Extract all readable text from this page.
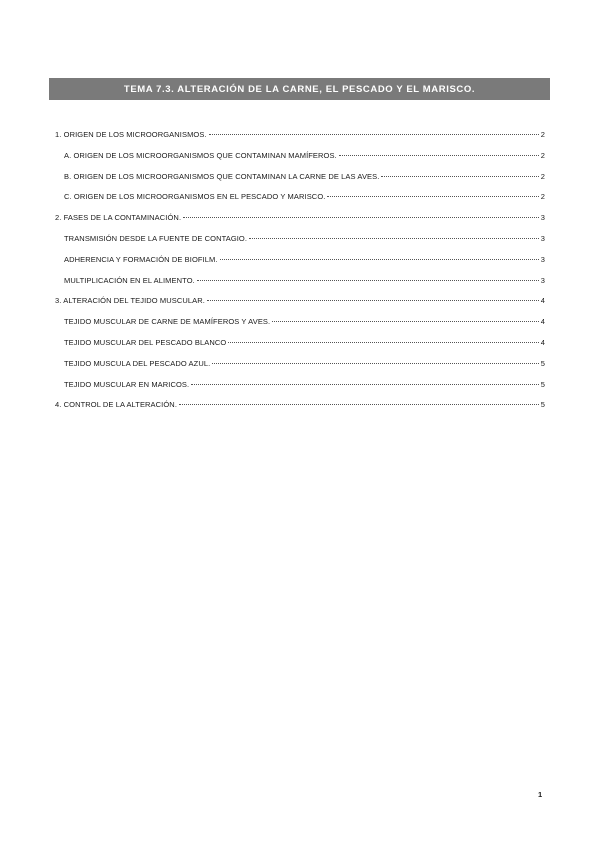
TEMA 7.3. ALTERACIÓN DE LA CARNE, EL PESCADO Y EL MARISCO.
1. ORIGEN DE LOS MICROORGANISMOS.	2
A. ORIGEN DE LOS MICROORGANISMOS QUE CONTAMINAN MAMÍFEROS.	2
B. ORIGEN DE LOS MICROORGANISMOS QUE CONTAMINAN LA CARNE DE LAS AVES.	2
C. ORIGEN DE LOS MICROORGANISMOS EN EL PESCADO Y MARISCO.	2
2. FASES DE LA CONTAMINACIÓN.	3
TRANSMISIÓN DESDE LA FUENTE DE CONTAGIO.	3
ADHERENCIA Y FORMACIÓN DE BIOFILM.	3
MULTIPLICACIÓN EN EL ALIMENTO.	3
3. ALTERACIÓN DEL TEJIDO MUSCULAR.	4
TEJIDO MUSCULAR DE CARNE DE MAMÍFEROS Y AVES.	4
TEJIDO MUSCULAR DEL PESCADO BLANCO	4
TEJIDO MUSCULA DEL PESCADO AZUL.	5
TEJIDO MUSCULAR EN MARICOS.	5
4. CONTROL DE LA ALTERACIÓN.	5
1
